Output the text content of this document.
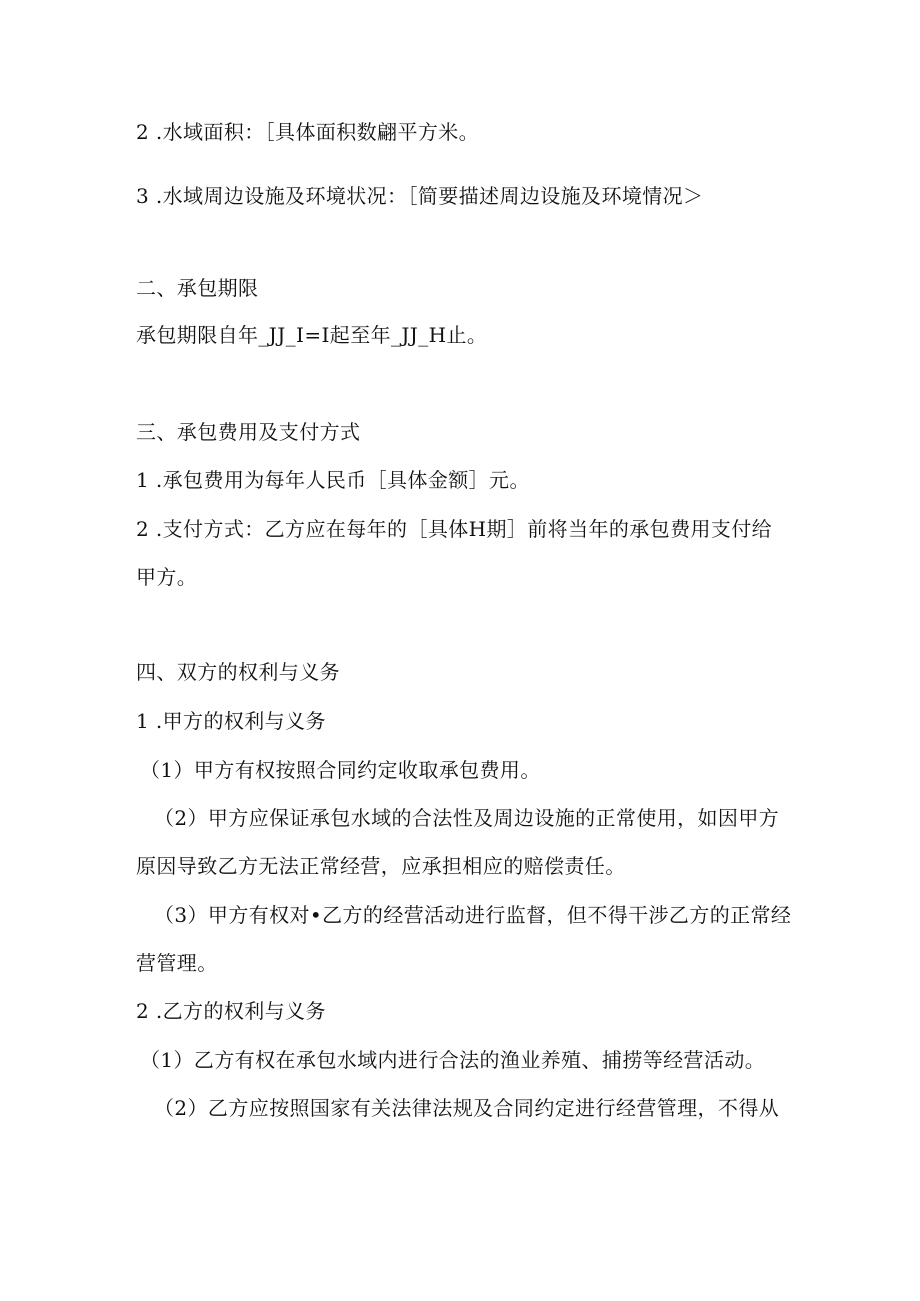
2 .水域面积：［具体面积数翩平方米。
3 .水域周边设施及环境状况：［简要描述周边设施及环境情况＞
二、承包期限
承包期限自年_JJ_I=I起至年_JJ_H止。
三、承包费用及支付方式
1 .承包费用为每年人民币［具体金额］元。
2 .支付方式：乙方应在每年的［具体H期］前将当年的承包费用支付给
甲方。
四、双方的权利与义务
1 .甲方的权利与义务
（1）甲方有权按照合同约定收取承包费用。
（2）甲方应保证承包水域的合法性及周边设施的正常使用，如因甲方
原因导致乙方无法正常经营，应承担相应的赔偿责任。
（3）甲方有权对•乙方的经营活动进行监督，但不得干涉乙方的正常经
营管理。
2 .乙方的权利与义务
（1）乙方有权在承包水域内进行合法的渔业养殖、捕捞等经营活动。
（2）乙方应按照国家有关法律法规及合同约定进行经营管理，不得从
